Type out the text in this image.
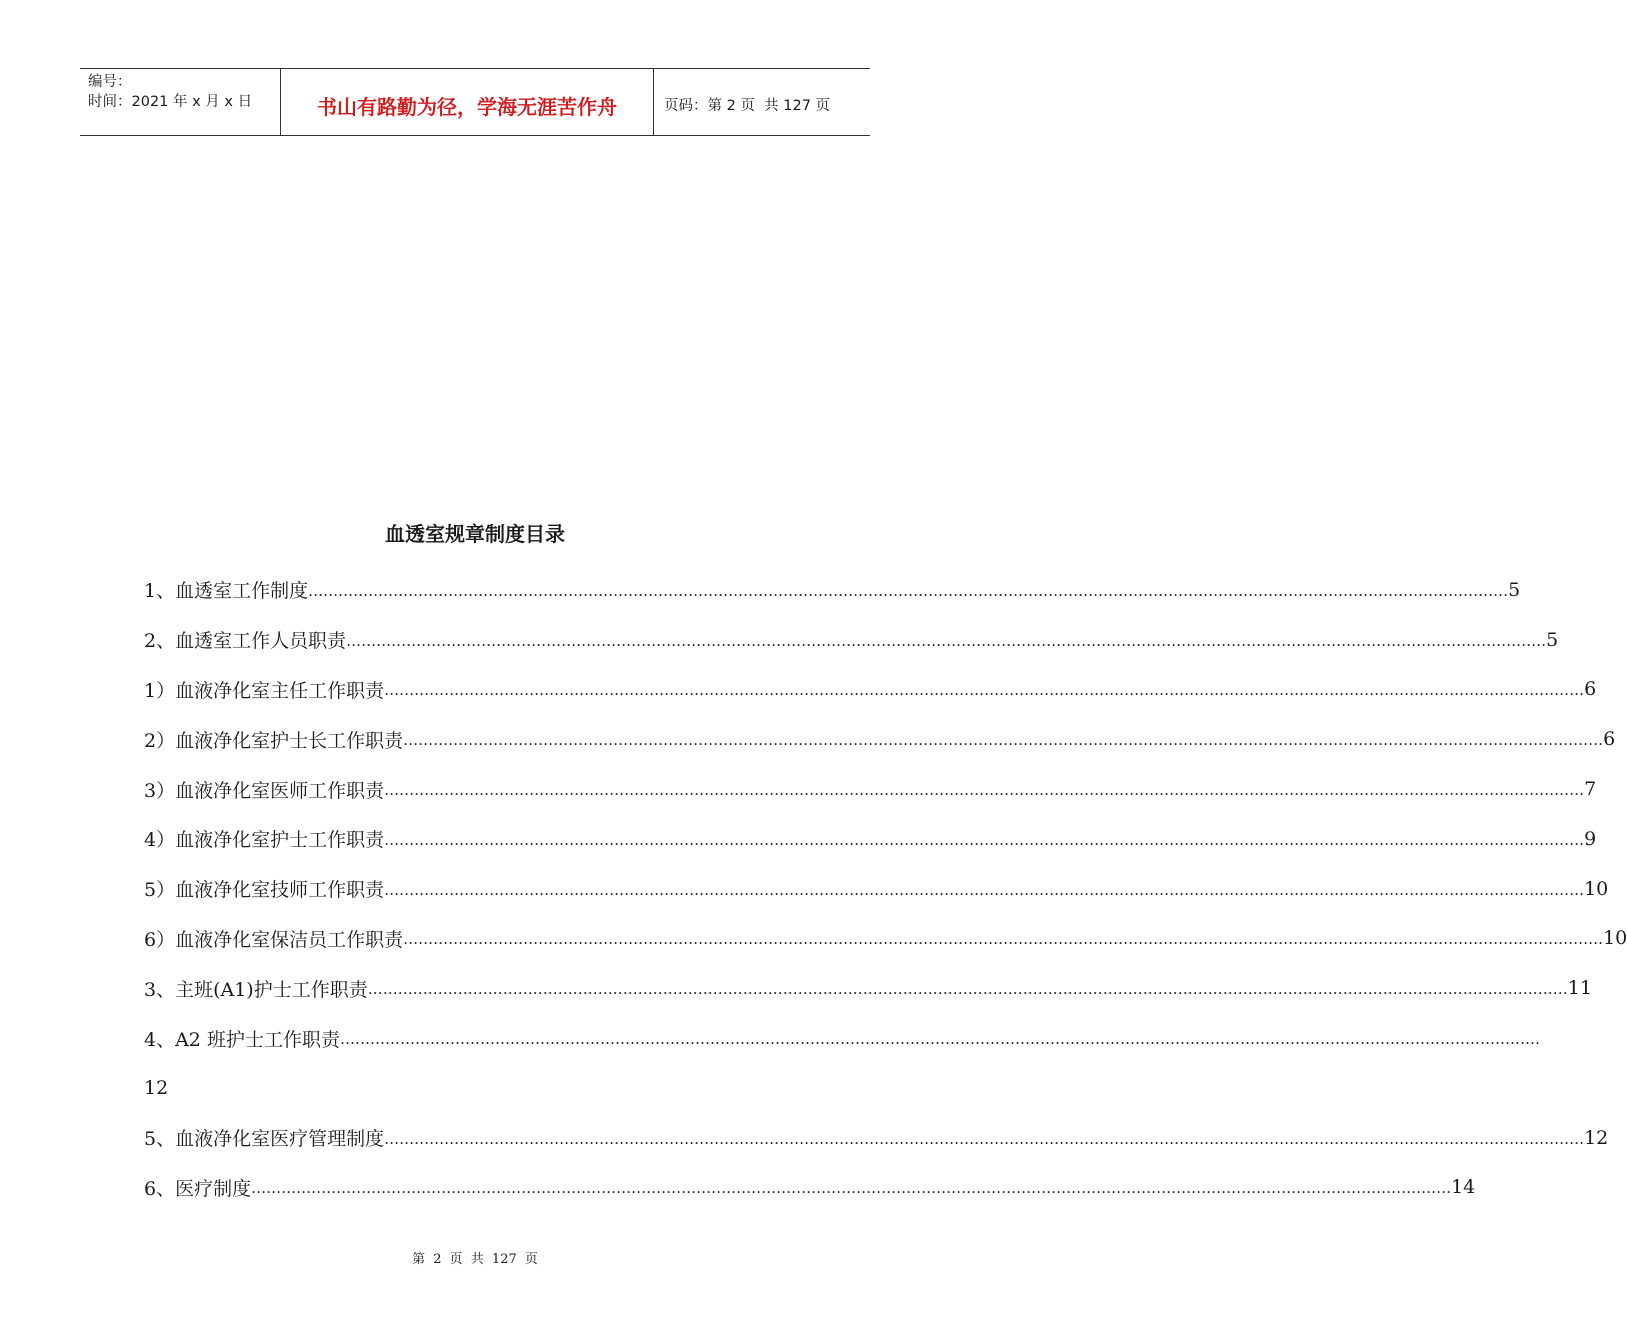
编号：
时间：2021 年 x 月 x 日	书山有路勤为径，学海无涯苦作舟	页码：第 2 页  共 127 页
血透室规章制度目录
1、血透室工作制度 …………………………………………………………………………………………………………………………………………………………………………………………………………………… 5
2、血透室工作人员职责 …………………………………………………………………………………………………………………………………………………………………………………………………………………… 5
1）血液净化室主任工作职责 …………………………………………………………………………………………………………………………………………………………………………………………………………………… 6
2）血液净化室护士长工作职责 …………………………………………………………………………………………………………………………………………………………………………………………………………………… 6
3）血液净化室医师工作职责 …………………………………………………………………………………………………………………………………………………………………………………………………………………… 7
4）血液净化室护士工作职责 …………………………………………………………………………………………………………………………………………………………………………………………………………………… 9
5）血液净化室技师工作职责 …………………………………………………………………………………………………………………………………………………………………………………………………………………… 10
6）血液净化室保洁员工作职责 …………………………………………………………………………………………………………………………………………………………………………………………………………………… 10
3、主班(A1)护士工作职责 …………………………………………………………………………………………………………………………………………………………………………………………………………………… 11
4、A2 班护士工作职责 ……………………………………………………………………………………………………………………………………………………………………………………………………………………
12
5、血液净化室医疗管理制度 …………………………………………………………………………………………………………………………………………………………………………………………………………………… 12
6、医疗制度 …………………………………………………………………………………………………………………………………………………………………………………………………………………… 14
第 2 页 共 127 页
